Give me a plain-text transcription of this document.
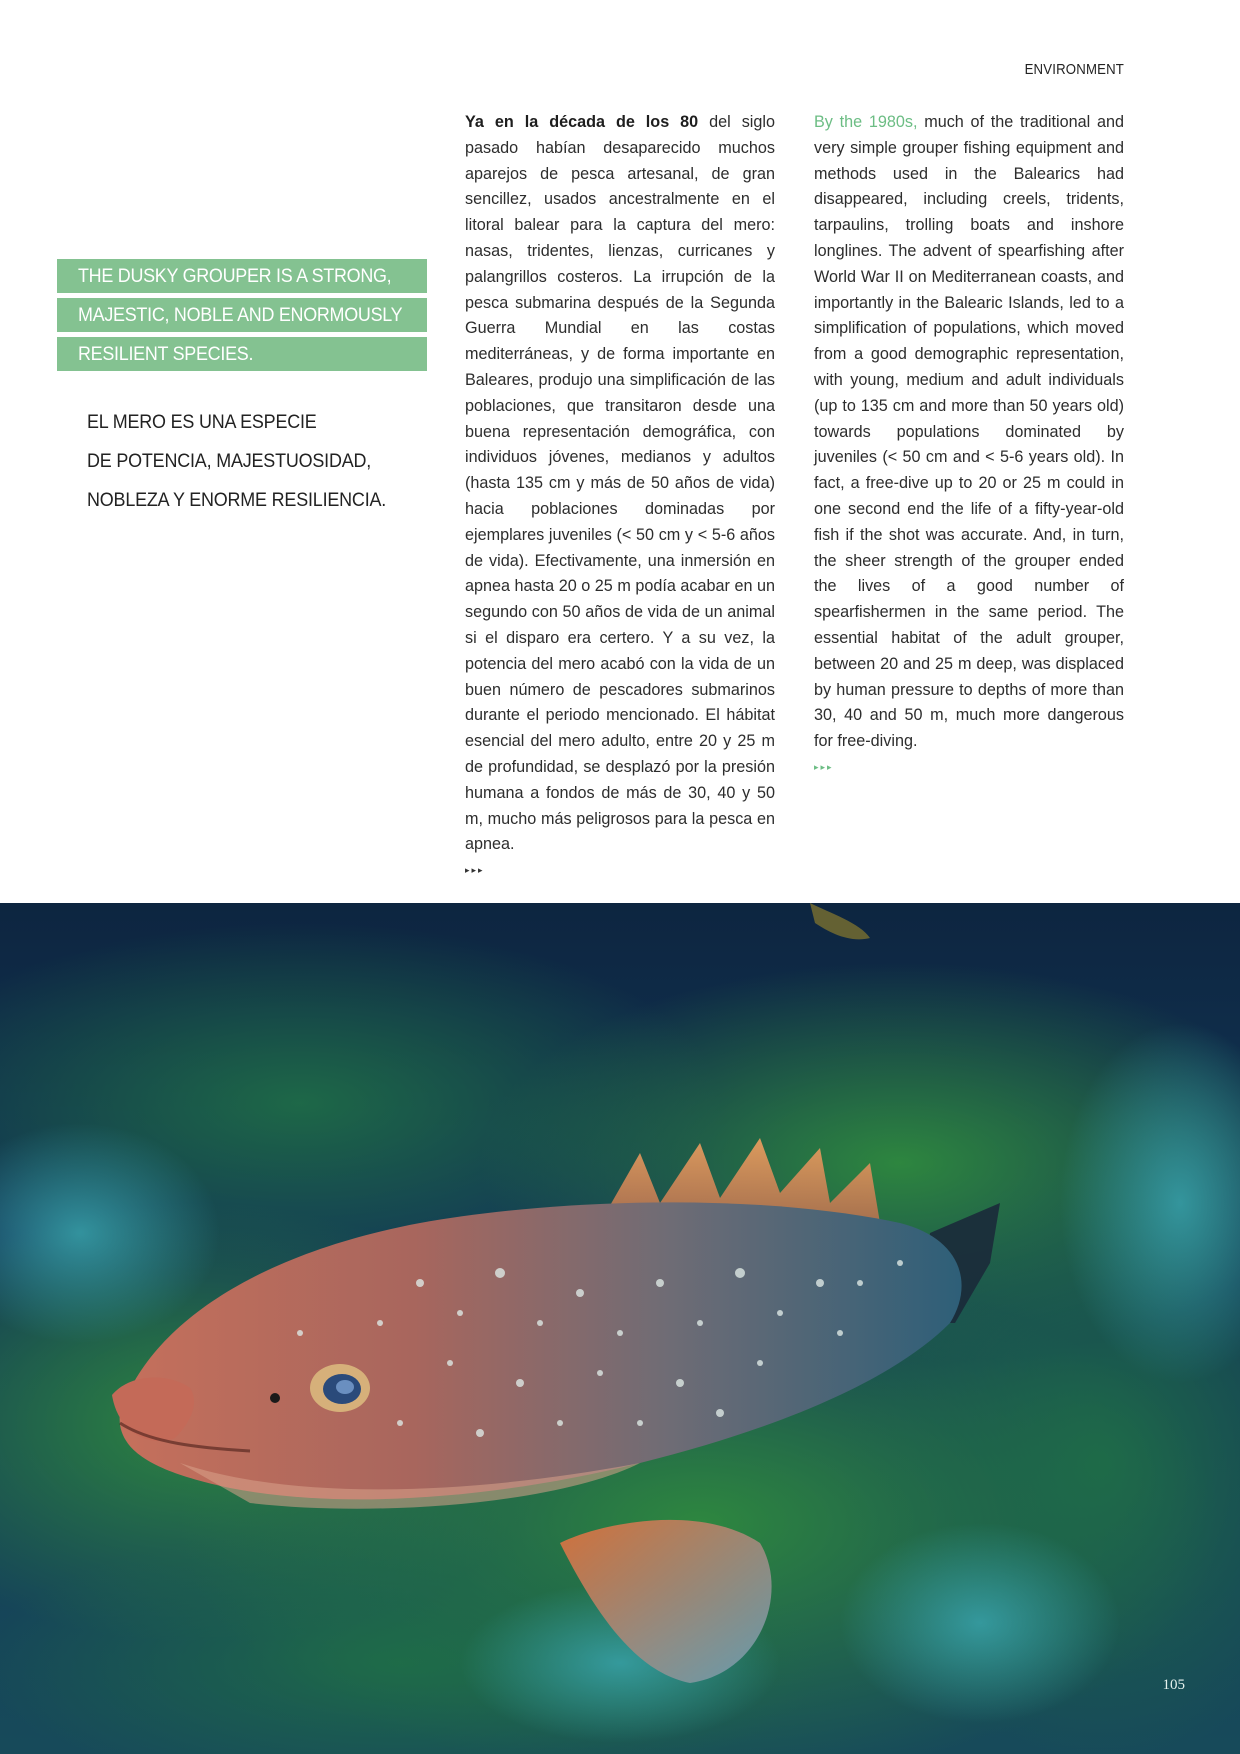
ENVIRONMENT
THE DUSKY GROUPER IS A STRONG,
MAJESTIC, NOBLE AND ENORMOUSLY
RESILIENT SPECIES.
EL MERO ES UNA ESPECIE
DE POTENCIA, MAJESTUOSIDAD,
NOBLEZA Y ENORME RESILIENCIA.
Ya en la década de los 80 del siglo pasado habían desaparecido muchos aparejos de pesca artesanal, de gran sencillez, usados ancestralmente en el litoral balear para la captura del mero: nasas, tridentes, lienzas, curricanes y palangrillos costeros. La irrupción de la pesca submarina después de la Segunda Guerra Mundial en las costas mediterráneas, y de forma importante en Baleares, produjo una simplificación de las poblaciones, que transitaron desde una buena representación demográfica, con individuos jóvenes, medianos y adultos (hasta 135 cm y más de 50 años de vida) hacia poblaciones dominadas por ejemplares juveniles (< 50 cm y < 5-6 años de vida). Efectivamente, una inmersión en apnea hasta 20 o 25 m podía acabar en un segundo con 50 años de vida de un animal si el disparo era certero. Y a su vez, la potencia del mero acabó con la vida de un buen número de pescadores submarinos durante el periodo mencionado. El hábitat esencial del mero adulto, entre 20 y 25 m de profundidad, se desplazó por la presión humana a fondos de más de 30, 40 y 50 m, mucho más peligrosos para la pesca en apnea.
▸▸▸
By the 1980s, much of the traditional and very simple grouper fishing equipment and methods used in the Balearics had disappeared, including creels, tridents, tarpaulins, trolling boats and inshore longlines. The advent of spearfishing after World War II on Mediterranean coasts, and importantly in the Balearic Islands, led to a simplification of populations, which moved from a good demographic representation, with young, medium and adult individuals (up to 135 cm and more than 50 years old) towards populations dominated by juveniles (< 50 cm and < 5-6 years old). In fact, a free-dive up to 20 or 25 m could in one second end the life of a fifty-year-old fish if the shot was accurate. And, in turn, the sheer strength of the grouper ended the lives of a good number of spearfishermen in the same period. The essential habitat of the adult grouper, between 20 and 25 m deep, was displaced by human pressure to depths of more than 30, 40 and 50 m, much more dangerous for free-diving.
▸▸▸
105
